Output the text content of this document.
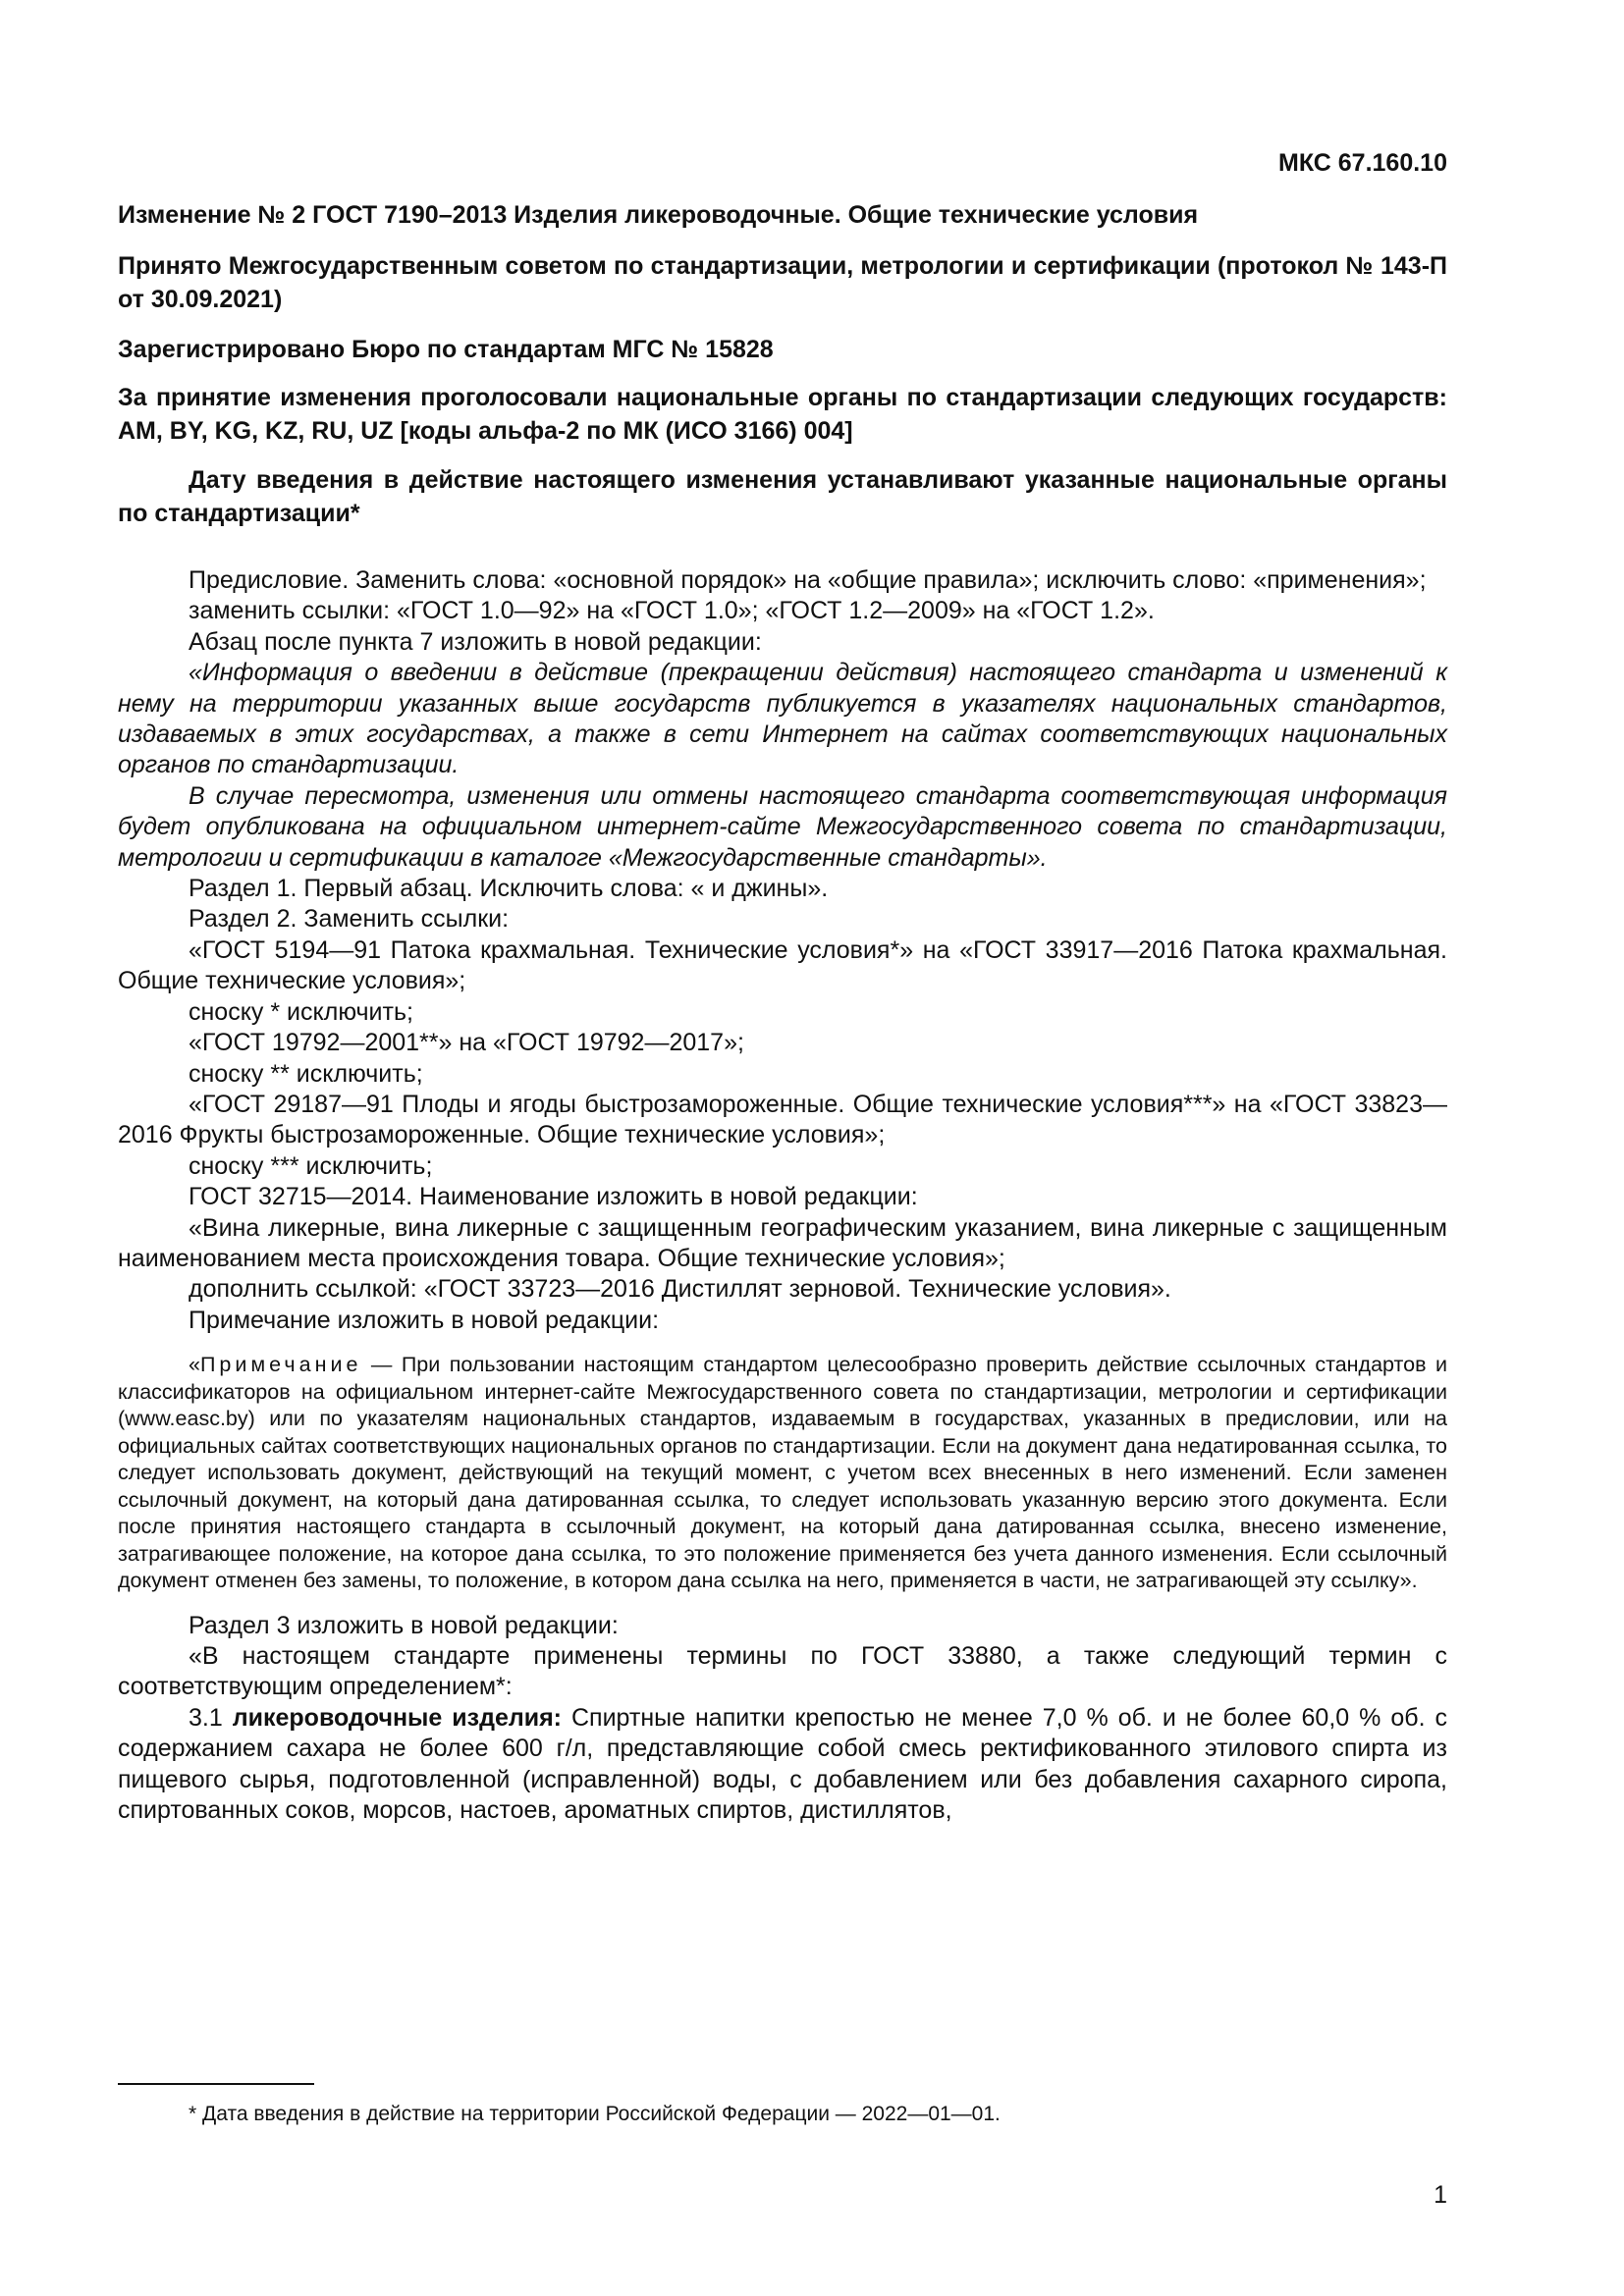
МКС 67.160.10

Изменение № 2 ГОСТ 7190–2013 Изделия ликероводочные. Общие технические условия

Принято Межгосударственным советом по стандартизации, метрологии и сертификации (протокол № 143-П от 30.09.2021)

Зарегистрировано Бюро по стандартам МГС № 15828

За принятие изменения проголосовали национальные органы по стандартизации следующих государств: AM, BY, KG, KZ, RU, UZ [коды альфа-2 по МК (ИСО 3166) 004]

Дату введения в действие настоящего изменения устанавливают указанные национальные органы по стандартизации*

Предисловие. Заменить слова: «основной порядок» на «общие правила»; исключить слово: «применения»;

заменить ссылки: «ГОСТ 1.0—92» на «ГОСТ 1.0»; «ГОСТ 1.2—2009» на «ГОСТ 1.2».

Абзац после пункта 7 изложить в новой редакции:

«Информация о введении в действие (прекращении действия) настоящего стандарта и изменений к нему на территории указанных выше государств публикуется в указателях национальных стандартов, издаваемых в этих государствах, а также в сети Интернет на сайтах соответствующих национальных органов по стандартизации.

В случае пересмотра, изменения или отмены настоящего стандарта соответствующая информация будет опубликована на официальном интернет-сайте Межгосударственного совета по стандартизации, метрологии и сертификации в каталоге «Межгосударственные стандарты».

Раздел 1. Первый абзац. Исключить слова: « и джины».

Раздел 2. Заменить ссылки:

«ГОСТ 5194—91 Патока крахмальная. Технические условия*» на «ГОСТ 33917—2016 Патока крахмальная. Общие технические условия»;

сноску * исключить;

«ГОСТ 19792—2001**» на «ГОСТ 19792—2017»;

сноску ** исключить;

«ГОСТ 29187—91 Плоды и ягоды быстрозамороженные. Общие технические условия***» на «ГОСТ 33823—2016 Фрукты быстрозамороженные. Общие технические условия»;

сноску *** исключить;

ГОСТ 32715—2014. Наименование изложить в новой редакции:

«Вина ликерные, вина ликерные с защищенным географическим указанием, вина ликерные с защищенным наименованием места происхождения товара. Общие технические условия»;

дополнить ссылкой: «ГОСТ 33723—2016 Дистиллят зерновой. Технические условия».

Примечание изложить в новой редакции:

«Примечание — При пользовании настоящим стандартом целесообразно проверить действие ссылочных стандартов и классификаторов на официальном интернет-сайте Межгосударственного совета по стандартизации, метрологии и сертификации (www.easc.by) или по указателям национальных стандартов, издаваемым в государствах, указанных в предисловии, или на официальных сайтах соответствующих национальных органов по стандартизации. Если на документ дана недатированная ссылка, то следует использовать документ, действующий на текущий момент, с учетом всех внесенных в него изменений. Если заменен ссылочный документ, на который дана датированная ссылка, то следует использовать указанную версию этого документа. Если после принятия настоящего стандарта в ссылочный документ, на который дана датированная ссылка, внесено изменение, затрагивающее положение, на которое дана ссылка, то это положение применяется без учета данного изменения. Если ссылочный документ отменен без замены, то положение, в котором дана ссылка на него, применяется в части, не затрагивающей эту ссылку».

Раздел 3 изложить в новой редакции:

«В настоящем стандарте применены термины по ГОСТ 33880, а также следующий термин с соответствующим определением*:

3.1 ликероводочные изделия: Спиртные напитки крепостью не менее 7,0 % об. и не более 60,0 % об. с содержанием сахара не более 600 г/л, представляющие собой смесь ректификованного этилового спирта из пищевого сырья, подготовленной (исправленной) воды, с добавлением или без добавления сахарного сиропа, спиртованных соков, морсов, настоев, ароматных спиртов, дистиллятов,

* Дата введения в действие на территории Российской Федерации — 2022—01—01.
1
